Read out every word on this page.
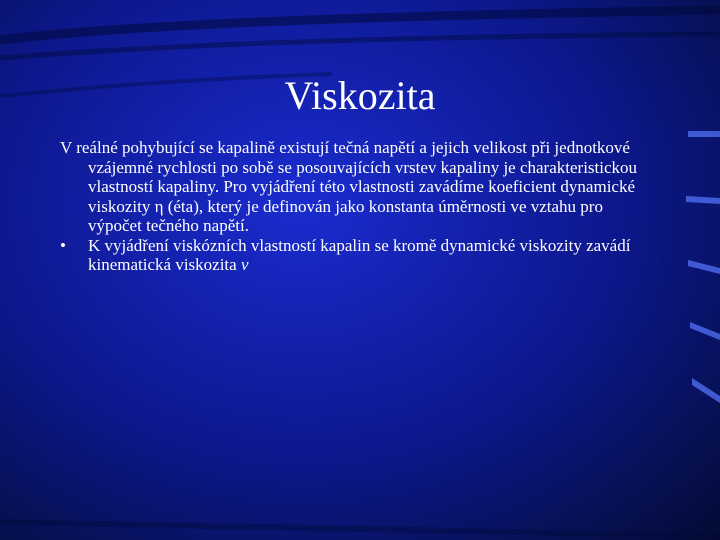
Viskozita

V reálné pohybující se kapalině existují tečná napětí a jejich velikost při jednotkové vzájemné rychlosti po sobě se posouvajících vrstev kapaliny je charakteristickou vlastností kapaliny. Pro vyjádření této vlastnosti zavádíme koeficient dynamické viskozity η (éta), který je definován jako konstanta úměrnosti ve vztahu pro výpočet tečného napětí.

•	K vyjádření viskózních vlastností kapalin se kromě dynamické viskozity zavádí kinematická viskozita ν
